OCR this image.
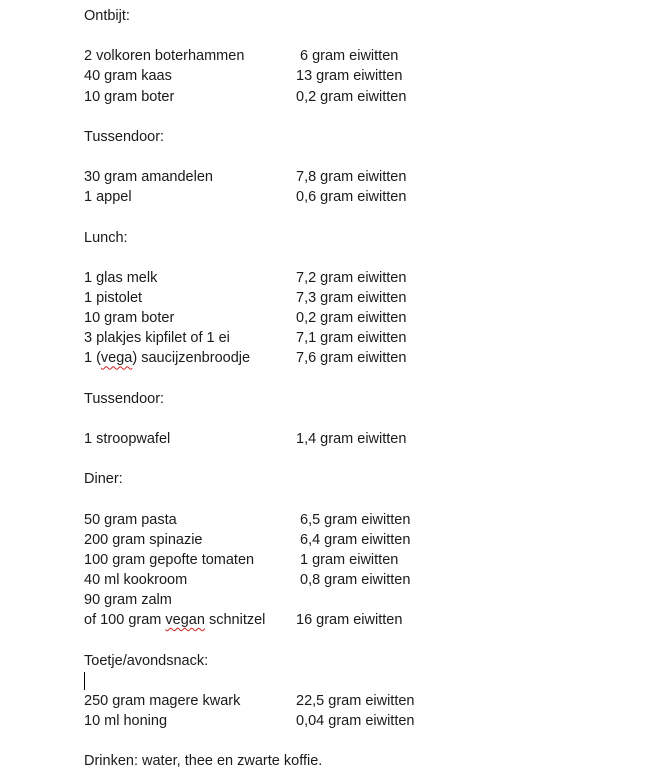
Ontbijt:
2 volkoren boterhammen	6 gram eiwitten
40 gram kaas	13 gram eiwitten
10 gram boter	0,2 gram eiwitten
Tussendoor:
30 gram amandelen	7,8 gram eiwitten
1 appel	0,6 gram eiwitten
Lunch:
1 glas melk	7,2 gram eiwitten
1 pistolet	7,3 gram eiwitten
10 gram boter	0,2 gram eiwitten
3 plakjes kipfilet of 1 ei	7,1 gram eiwitten
1 (vega) saucijzenbroodje	7,6 gram eiwitten
Tussendoor:
1 stroopwafel	1,4 gram eiwitten
Diner:
50 gram pasta	6,5 gram eiwitten
200 gram spinazie	6,4 gram eiwitten
100 gram gepofte tomaten	1 gram eiwitten
40 ml kookroom	0,8 gram eiwitten
90 gram zalm
of 100 gram vegan schnitzel 16 gram eiwitten
Toetje/avondsnack:
250 gram magere kwark	22,5 gram eiwitten
10 ml honing	0,04 gram eiwitten
Drinken: water, thee en zwarte koffie.
